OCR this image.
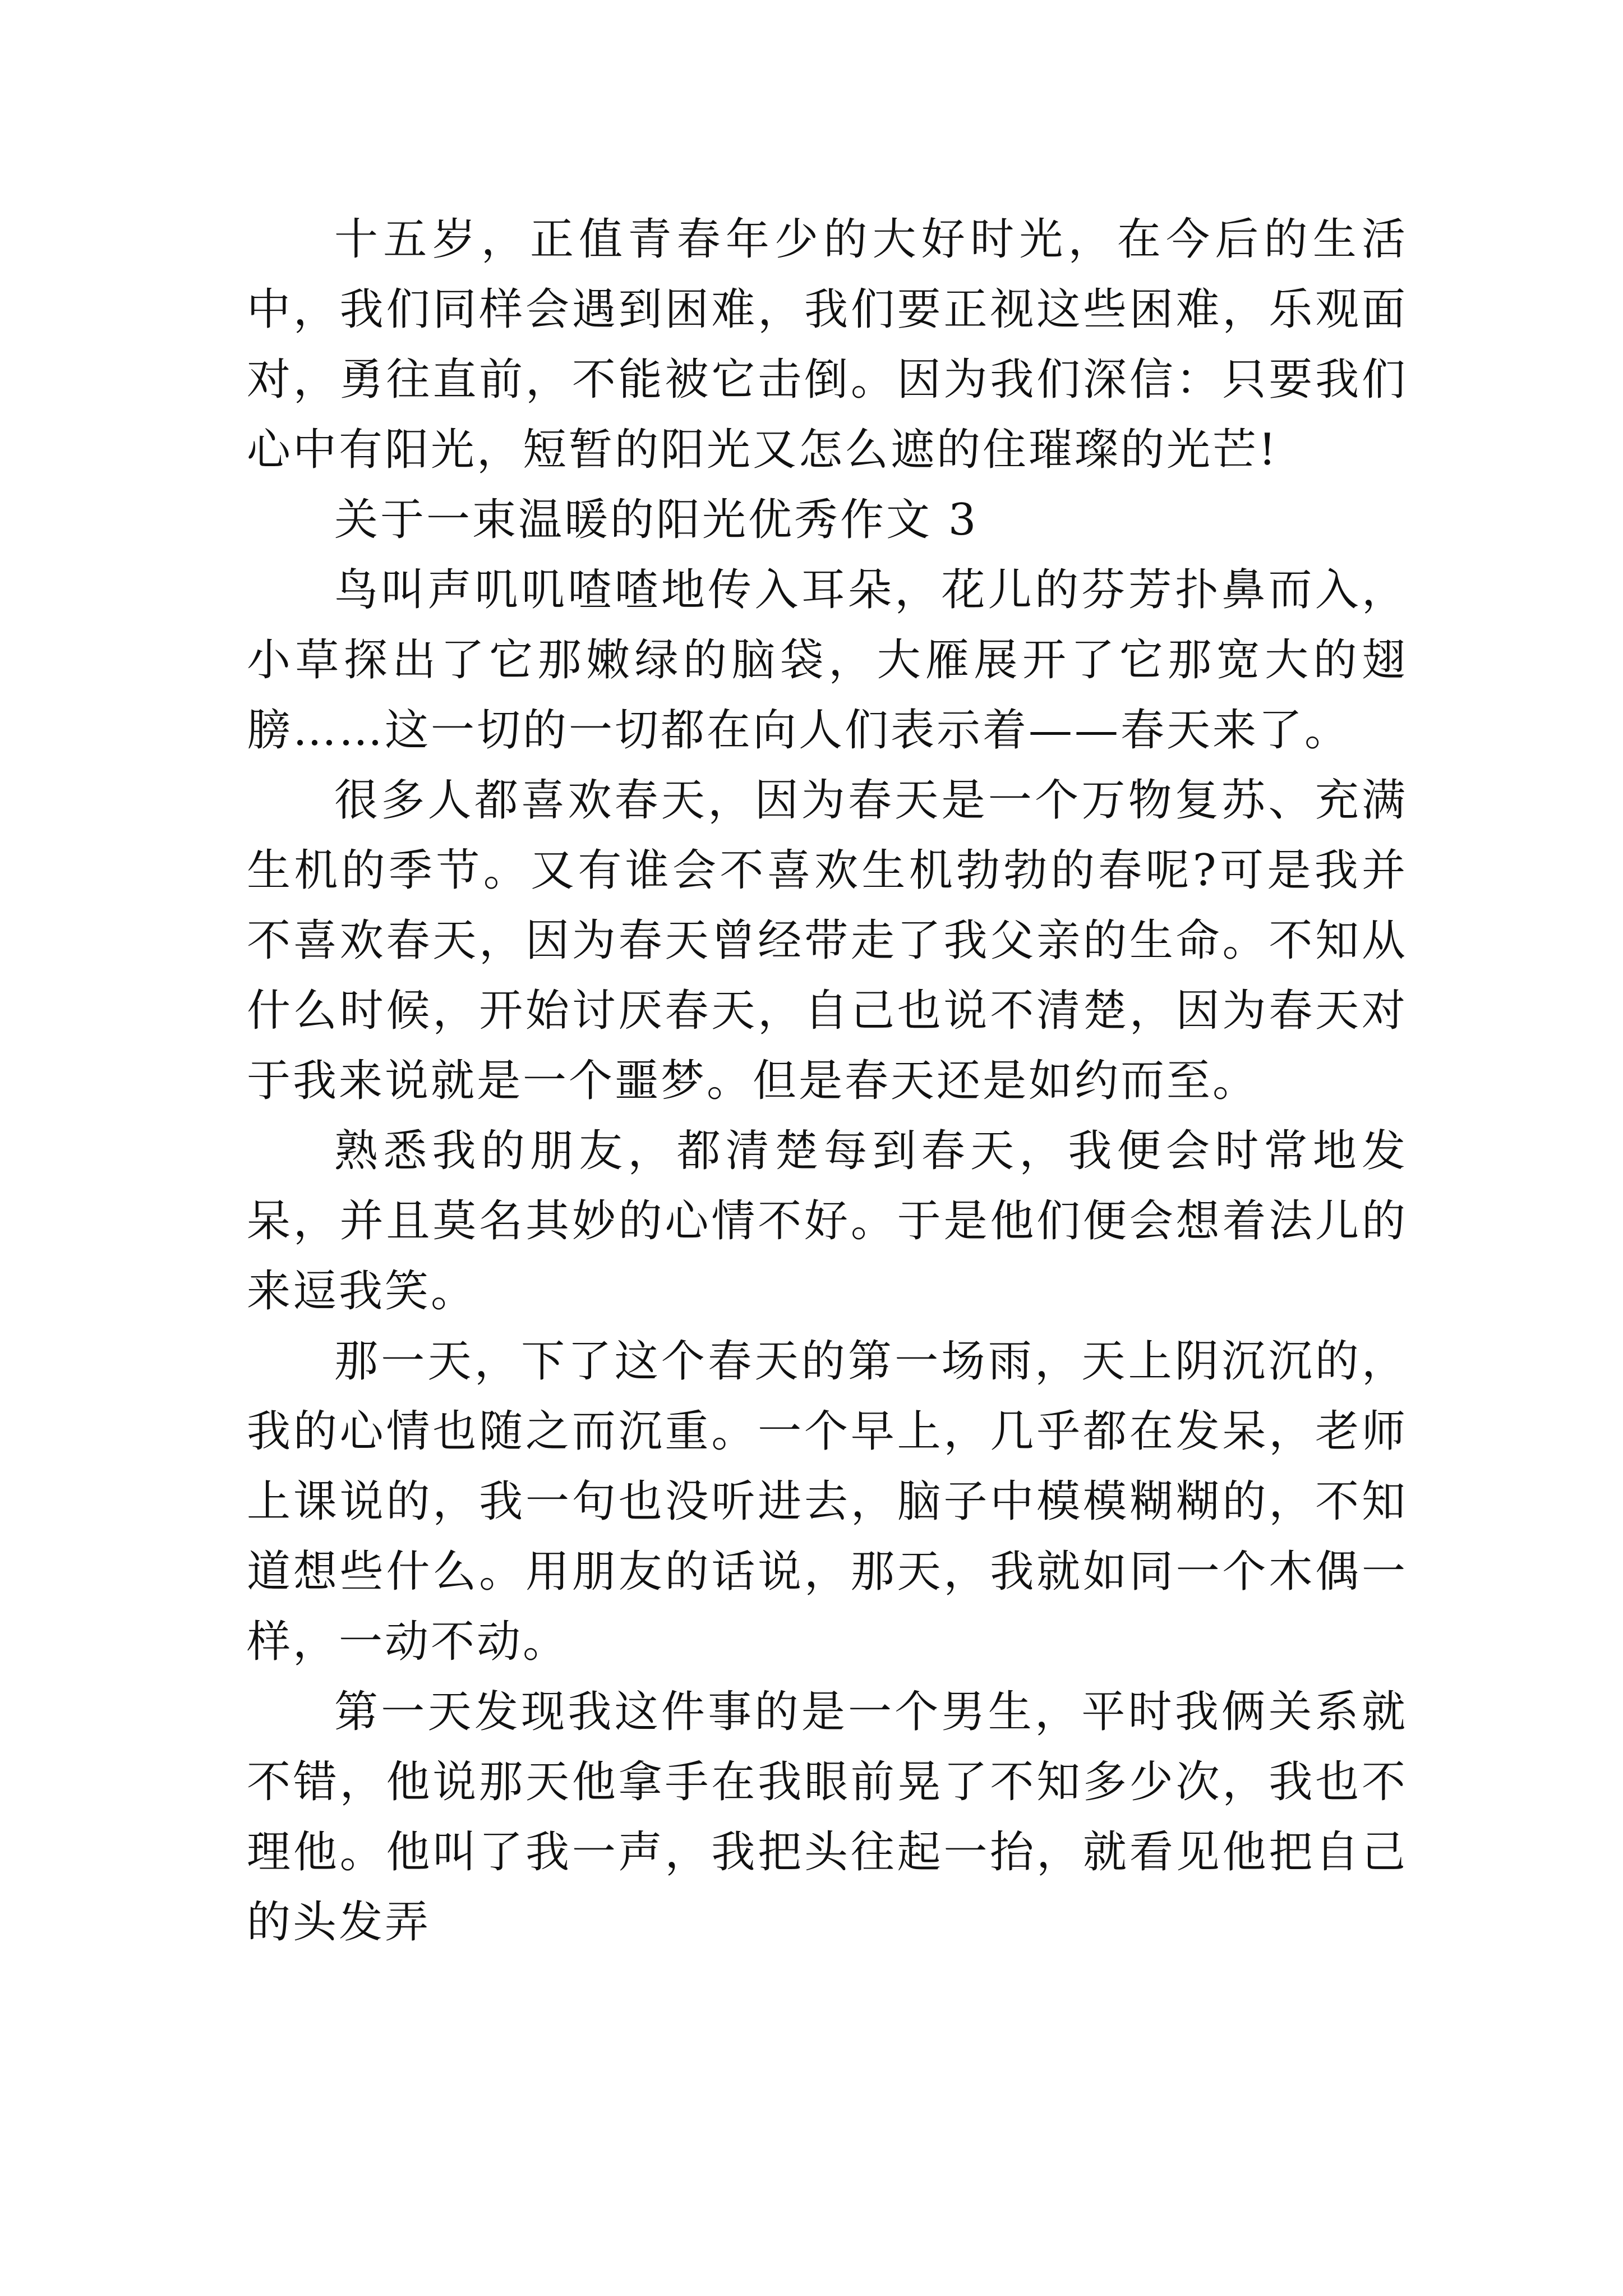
十五岁，正值青春年少的大好时光，在今后的生活中，我们同样会遇到困难，我们要正视这些困难，乐观面对，勇往直前，不能被它击倒。因为我们深信：只要我们心中有阳光，短暂的阳光又怎么遮的住璀璨的光芒!

关于一束温暖的阳光优秀作文 3

鸟叫声叽叽喳喳地传入耳朵，花儿的芬芳扑鼻而入，小草探出了它那嫩绿的脑袋，大雁展开了它那宽大的翅膀……这一切的一切都在向人们表示着——春天来了。

很多人都喜欢春天，因为春天是一个万物复苏、充满生机的季节。又有谁会不喜欢生机勃勃的春呢?可是我并不喜欢春天，因为春天曾经带走了我父亲的生命。不知从什么时候，开始讨厌春天，自己也说不清楚，因为春天对于我来说就是一个噩梦。但是春天还是如约而至。

熟悉我的朋友，都清楚每到春天，我便会时常地发呆，并且莫名其妙的心情不好。于是他们便会想着法儿的来逗我笑。

那一天，下了这个春天的第一场雨，天上阴沉沉的，我的心情也随之而沉重。一个早上，几乎都在发呆，老师上课说的，我一句也没听进去，脑子中模模糊糊的，不知道想些什么。用朋友的话说，那天，我就如同一个木偶一样，一动不动。

第一天发现我这件事的是一个男生，平时我俩关系就不错，他说那天他拿手在我眼前晃了不知多少次，我也不理他。他叫了我一声，我把头往起一抬，就看见他把自己的头发弄
